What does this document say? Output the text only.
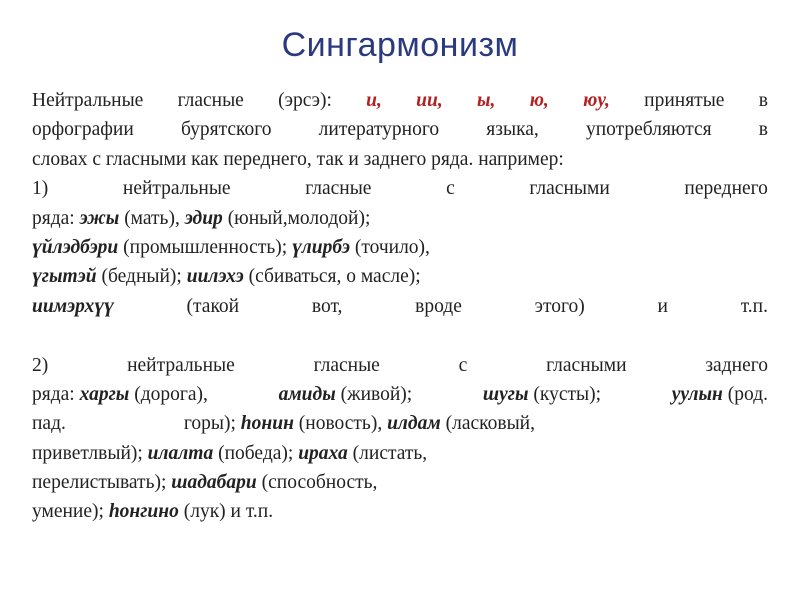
Сингармонизм
Нейтральные гласные (эрсэ): и, ии, ы, ю, юу, принятые в
орфографии бурятского литературного языка, употребляются в
словах с гласными как переднего, так и заднего ряда. например:
1)	нейтральные	гласные	с	гласными	переднего
ряда: эжы (мать), эдир (юный,молодой);
үйлэдбэри (промышленность); үлирбэ (точило),
үгытэй (бедный); иилэхэ (сбиваться, о масле);
иимэрхүү	(такой	вот,	вроде	этого)	и	т.п.
2)	нейтральные	гласные	с	гласными	заднего
ряда: харгы (дорога),	амиды (живой);	шугы (кусты);	уулын (род.
пад.	горы); һонин (новость), илдам (ласковый,
приветлвый); илалта (победа); ираха (листать,
перелистывать); шадабари (способность,
умение); һонгино (лук) и т.п.
